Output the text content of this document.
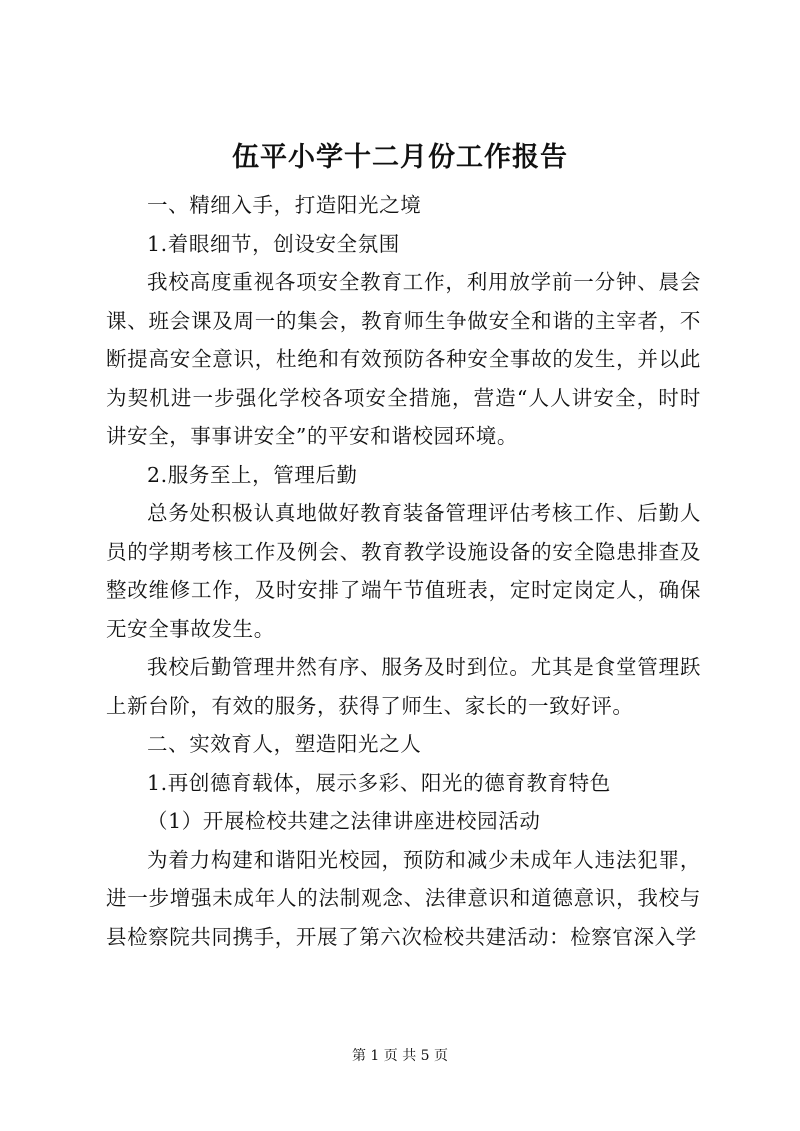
伍平小学十二月份工作报告

一、精细入手，打造阳光之境

1.着眼细节，创设安全氛围

我校高度重视各项安全教育工作，利用放学前一分钟、晨会课、班会课及周一的集会，教育师生争做安全和谐的主宰者，不断提高安全意识，杜绝和有效预防各种安全事故的发生，并以此为契机进一步强化学校各项安全措施，营造“人人讲安全，时时讲安全，事事讲安全”的平安和谐校园环境。

2.服务至上，管理后勤

总务处积极认真地做好教育装备管理评估考核工作、后勤人员的学期考核工作及例会、教育教学设施设备的安全隐患排查及整改维修工作，及时安排了端午节值班表，定时定岗定人，确保无安全事故发生。

我校后勤管理井然有序、服务及时到位。尤其是食堂管理跃上新台阶，有效的服务，获得了师生、家长的一致好评。

二、实效育人，塑造阳光之人

1.再创德育载体，展示多彩、阳光的德育教育特色

（1）开展检校共建之法律讲座进校园活动

为着力构建和谐阳光校园，预防和减少未成年人违法犯罪，进一步增强未成年人的法制观念、法律意识和道德意识，我校与县检察院共同携手，开展了第六次检校共建活动：检察官深入学

第 1 页 共 5 页
